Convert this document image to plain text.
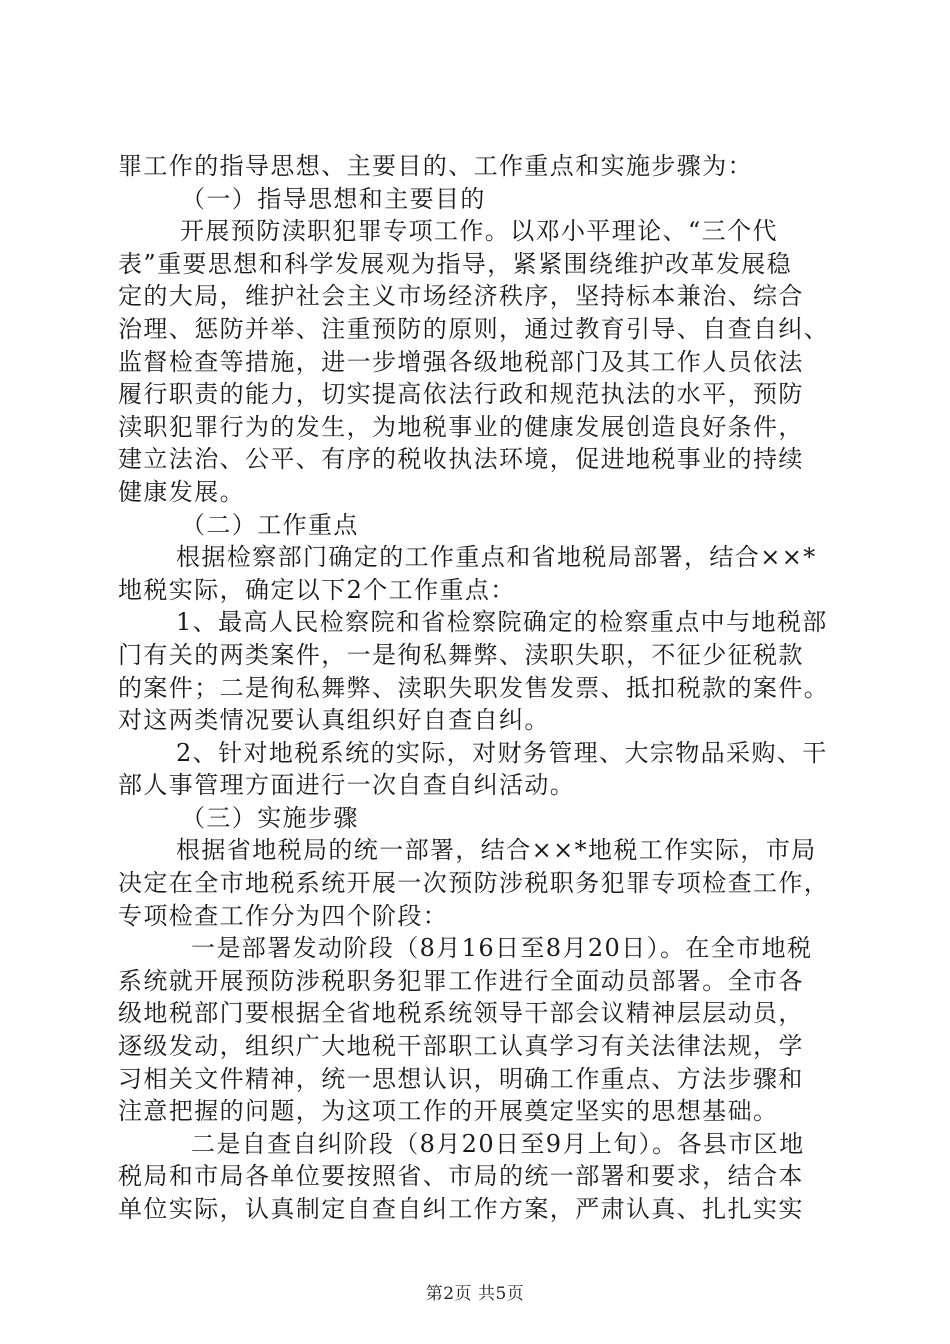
罪工作的指导思想、主要目的、工作重点和实施步骤为：
（一）指导思想和主要目的
开展预防渎职犯罪专项工作。以邓小平理论、“三个代
表”重要思想和科学发展观为指导，紧紧围绕维护改革发展稳
定的大局，维护社会主义市场经济秩序，坚持标本兼治、综合
治理、惩防并举、注重预防的原则，通过教育引导、自查自纠、
监督检查等措施，进一步增强各级地税部门及其工作人员依法
履行职责的能力，切实提高依法行政和规范执法的水平，预防
渎职犯罪行为的发生，为地税事业的健康发展创造良好条件，
建立法治、公平、有序的税收执法环境，促进地税事业的持续
健康发展。
（二）工作重点
根据检察部门确定的工作重点和省地税局部署，结合××*
地税实际，确定以下2个工作重点：
1、最高人民检察院和省检察院确定的检察重点中与地税部
门有关的两类案件，一是徇私舞弊、渎职失职，不征少征税款
的案件；二是徇私舞弊、渎职失职发售发票、抵扣税款的案件。
对这两类情况要认真组织好自查自纠。
2、针对地税系统的实际，对财务管理、大宗物品采购、干
部人事管理方面进行一次自查自纠活动。
（三）实施步骤
根据省地税局的统一部署，结合××*地税工作实际，市局
决定在全市地税系统开展一次预防涉税职务犯罪专项检查工作，
专项检查工作分为四个阶段：
一是部署发动阶段（8月16日至8月20日）。在全市地税
系统就开展预防涉税职务犯罪工作进行全面动员部署。全市各
级地税部门要根据全省地税系统领导干部会议精神层层动员，
逐级发动，组织广大地税干部职工认真学习有关法律法规，学
习相关文件精神，统一思想认识，明确工作重点、方法步骤和
注意把握的问题，为这项工作的开展奠定坚实的思想基础。
二是自查自纠阶段（8月20日至9月上旬）。各县市区地
税局和市局各单位要按照省、市局的统一部署和要求，结合本
单位实际，认真制定自查自纠工作方案，严肃认真、扎扎实实
第2页 共5页
